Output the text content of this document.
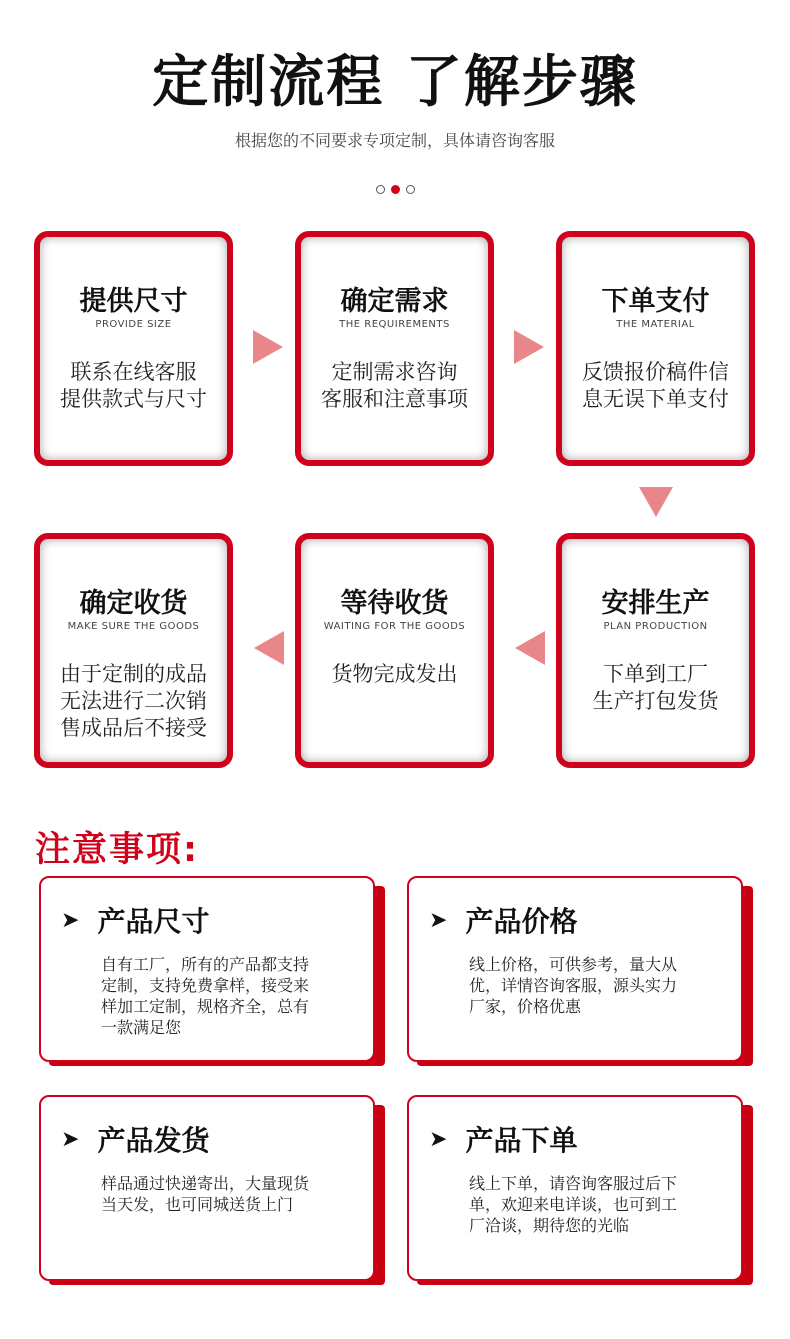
定制流程 了解步骤
根据您的不同要求专项定制，具体请咨询客服
提供尺寸
PROVIDE SIZE
联系在线客服
提供款式与尺寸
确定需求
THE REQUIREMENTS
定制需求咨询
客服和注意事项
下单支付
THE MATERIAL
反馈报价稿件信
息无误下单支付
安排生产
PLAN PRODUCTION
下单到工厂
生产打包发货
等待收货
WAITING FOR THE GOODS
货物完成发出
确定收货
MAKE SURE THE GOODS
由于定制的成品
无法进行二次销
售成品后不接受
注意事项:
➤ 产品尺寸
自有工厂，所有的产品都支持
定制，支持免费拿样，接受来
样加工定制，规格齐全，总有
一款满足您
➤ 产品价格
线上价格，可供参考，量大从
优，详情咨询客服，源头实力
厂家，价格优惠
➤ 产品发货
样品通过快递寄出，大量现货
当天发，也可同城送货上门
➤ 产品下单
线上下单，请咨询客服过后下
单，欢迎来电详谈，也可到工
厂洽谈，期待您的光临
